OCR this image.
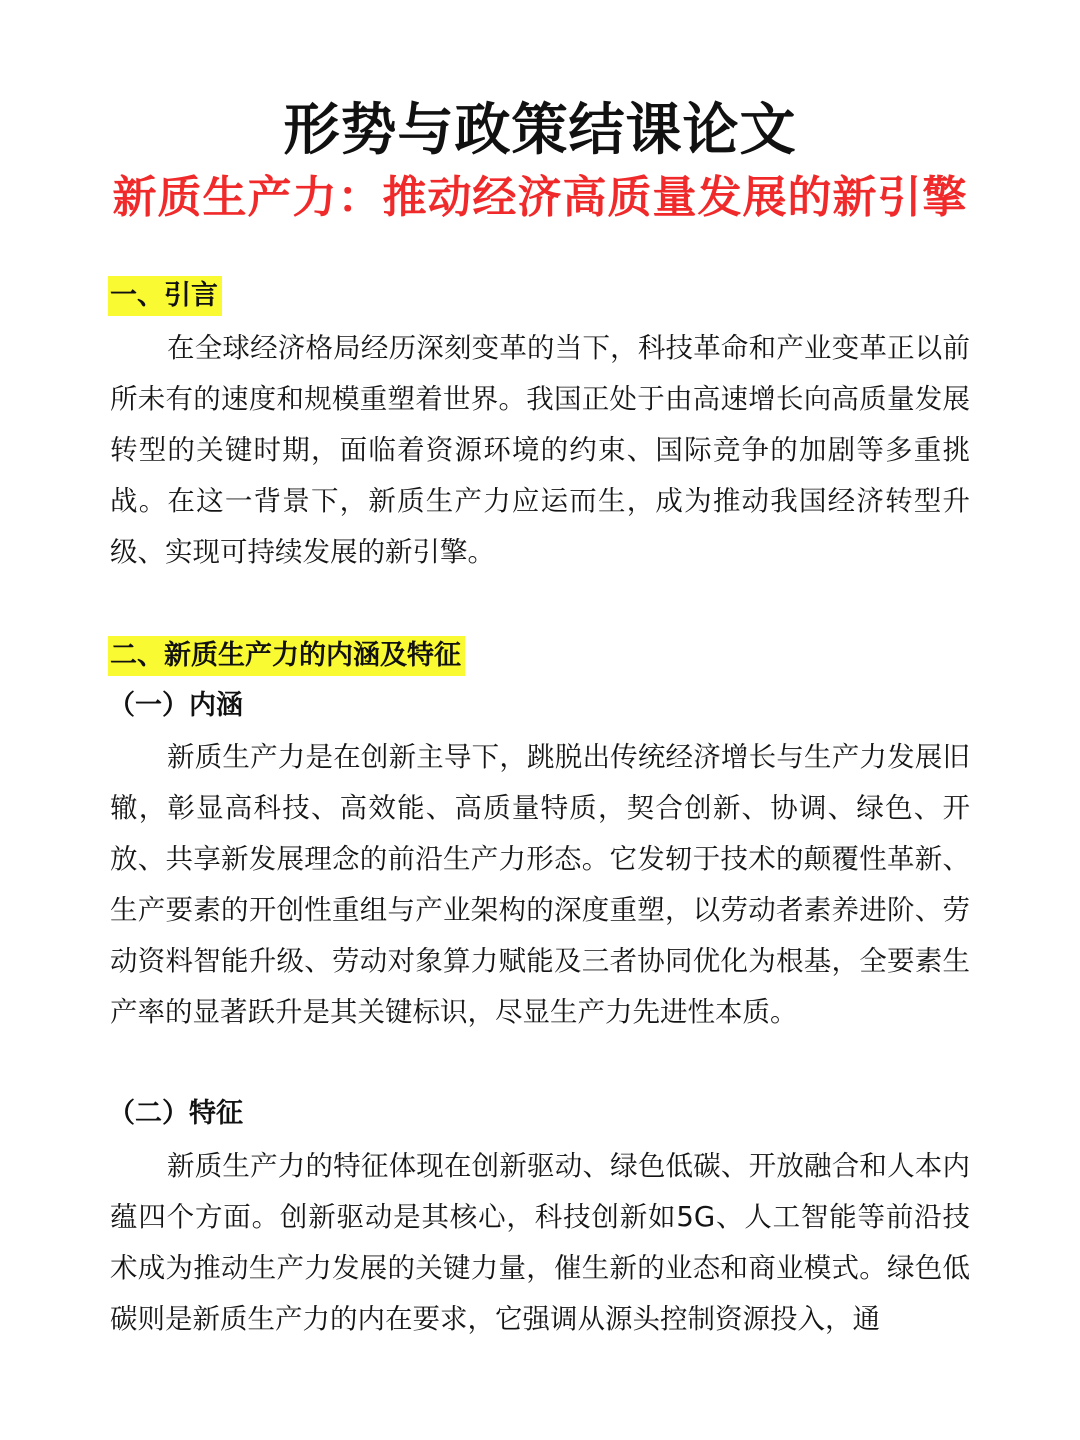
形势与政策结课论文
新质生产力：推动经济高质量发展的新引擎
一、引言

在全球经济格局经历深刻变革的当下，科技革命和产业变革正以前所未有的速度和规模重塑着世界。我国正处于由高速增长向高质量发展转型的关键时期，面临着资源环境的约束、国际竞争的加剧等多重挑战。在这一背景下，新质生产力应运而生，成为推动我国经济转型升级、实现可持续发展的新引擎。

二、新质生产力的内涵及特征
（一）内涵

新质生产力是在创新主导下，跳脱出传统经济增长与生产力发展旧辙，彰显高科技、高效能、高质量特质，契合创新、协调、绿色、开放、共享新发展理念的前沿生产力形态。它发轫于技术的颠覆性革新、生产要素的开创性重组与产业架构的深度重塑，以劳动者素养进阶、劳动资料智能升级、劳动对象算力赋能及三者协同优化为根基，全要素生产率的显著跃升是其关键标识，尽显生产力先进性本质。

（二）特征

新质生产力的特征体现在创新驱动、绿色低碳、开放融合和人本内蕴四个方面。创新驱动是其核心，科技创新如5G、人工智能等前沿技术成为推动生产力发展的关键力量，催生新的业态和商业模式。绿色低碳则是新质生产力的内在要求，它强调从源头控制资源投入，通
